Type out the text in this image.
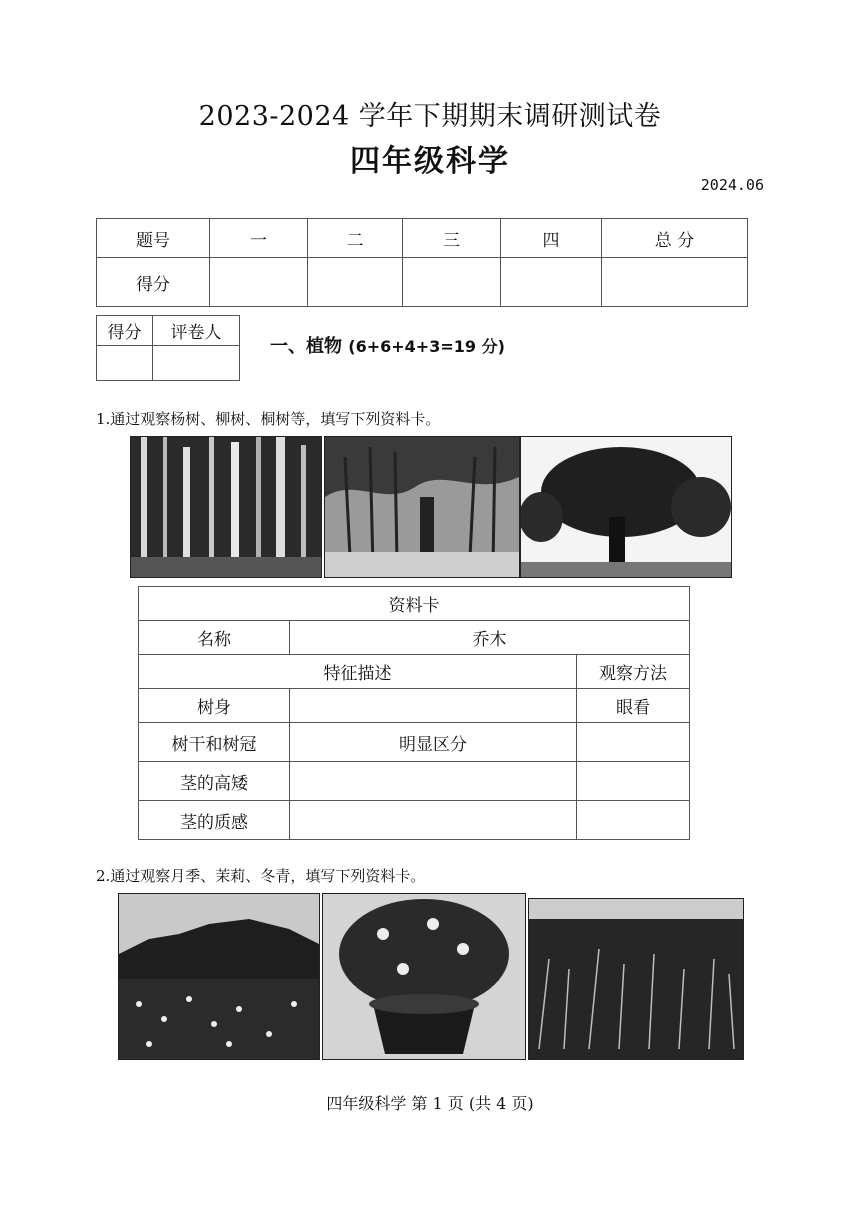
2023-2024 学年下期期末调研测试卷
四年级科学
2024.06
题号	一	二	三	四	总 分
得分					
得分	评卷人

一、植物 (6+6+4+3=19 分)
1.通过观察杨树、柳树、桐树等，填写下列资料卡。
资料卡		
名称	乔木	
特征描述		观察方法
树身		眼看
树干和树冠	明显区分	
茎的高矮		
茎的质感		
2.通过观察月季、茉莉、冬青，填写下列资料卡。
四年级科学 第 1 页 (共 4 页)
